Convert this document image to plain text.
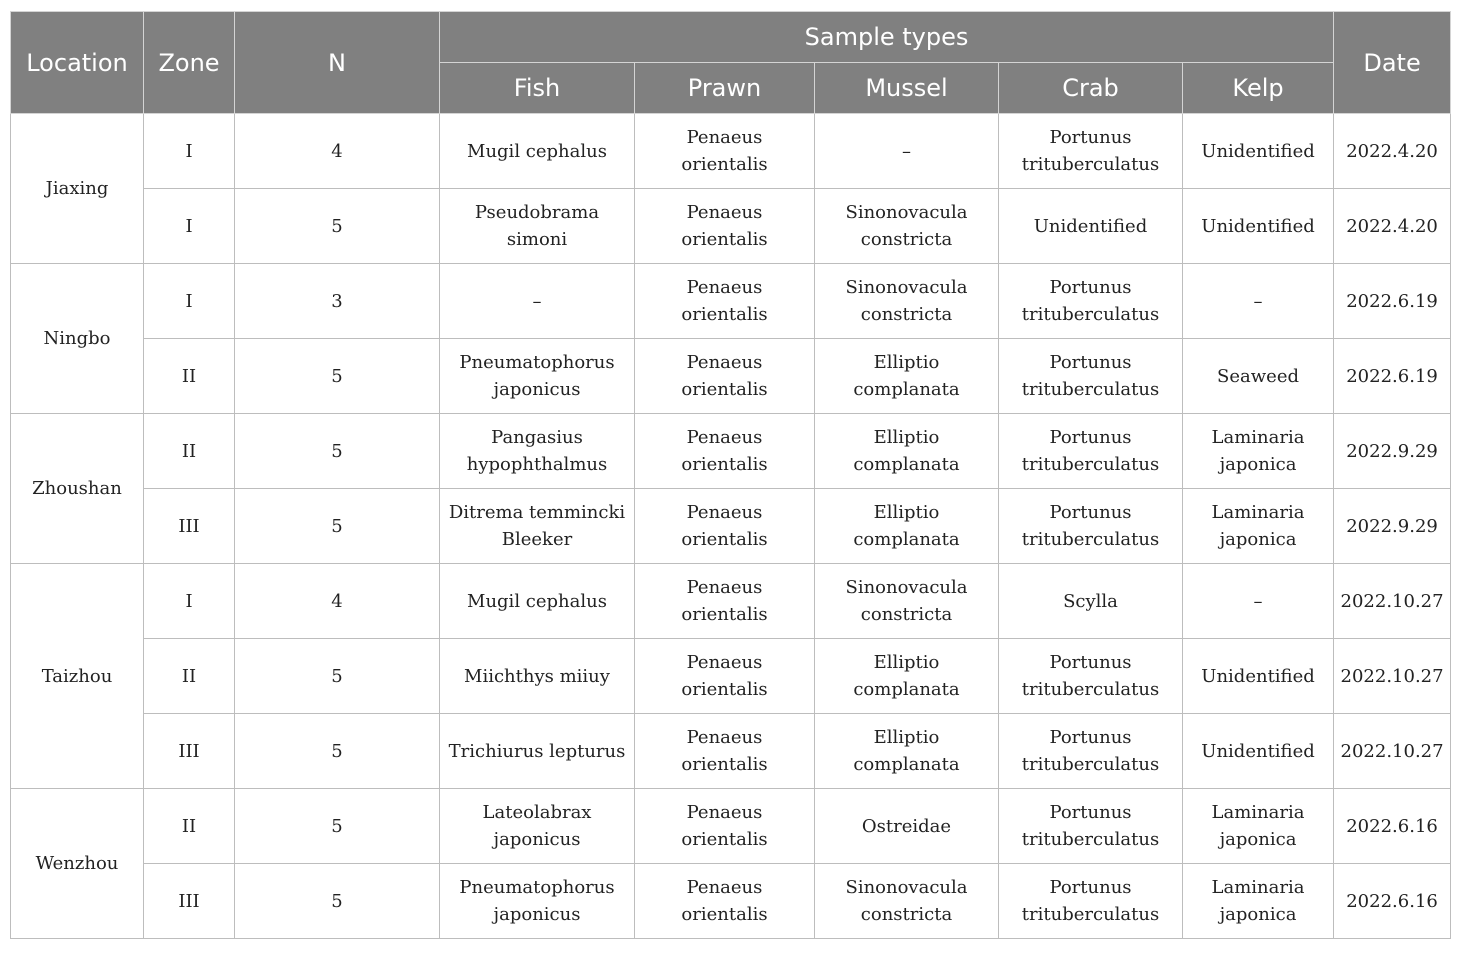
Location	Zone	N	Sample types					Date
			Fish	Prawn	Mussel	Crab	Kelp	
Jiaxing	I	4	Mugil cephalus	Penaeus orientalis	–	Portunus trituberculatus	Unidentified	2022.4.20
	I	5	Pseudobrama simoni	Penaeus orientalis	Sinonovacula constricta	Unidentified	Unidentified	2022.4.20
Ningbo	I	3	–	Penaeus orientalis	Sinonovacula constricta	Portunus trituberculatus	–	2022.6.19
	II	5	Pneumatophorus japonicus	Penaeus orientalis	Elliptio complanata	Portunus trituberculatus	Seaweed	2022.6.19
Zhoushan	II	5	Pangasius hypophthalmus	Penaeus orientalis	Elliptio complanata	Portunus trituberculatus	Laminaria japonica	2022.9.29
	III	5	Ditrema temmincki Bleeker	Penaeus orientalis	Elliptio complanata	Portunus trituberculatus	Laminaria japonica	2022.9.29
Taizhou	I	4	Mugil cephalus	Penaeus orientalis	Sinonovacula constricta	Scylla	–	2022.10.27
	II	5	Miichthys miiuy	Penaeus orientalis	Elliptio complanata	Portunus trituberculatus	Unidentified	2022.10.27
	III	5	Trichiurus lepturus	Penaeus orientalis	Elliptio complanata	Portunus trituberculatus	Unidentified	2022.10.27
Wenzhou	II	5	Lateolabrax japonicus	Penaeus orientalis	Ostreidae	Portunus trituberculatus	Laminaria japonica	2022.6.16
	III	5	Pneumatophorus japonicus	Penaeus orientalis	Sinonovacula constricta	Portunus trituberculatus	Laminaria japonica	2022.6.16
